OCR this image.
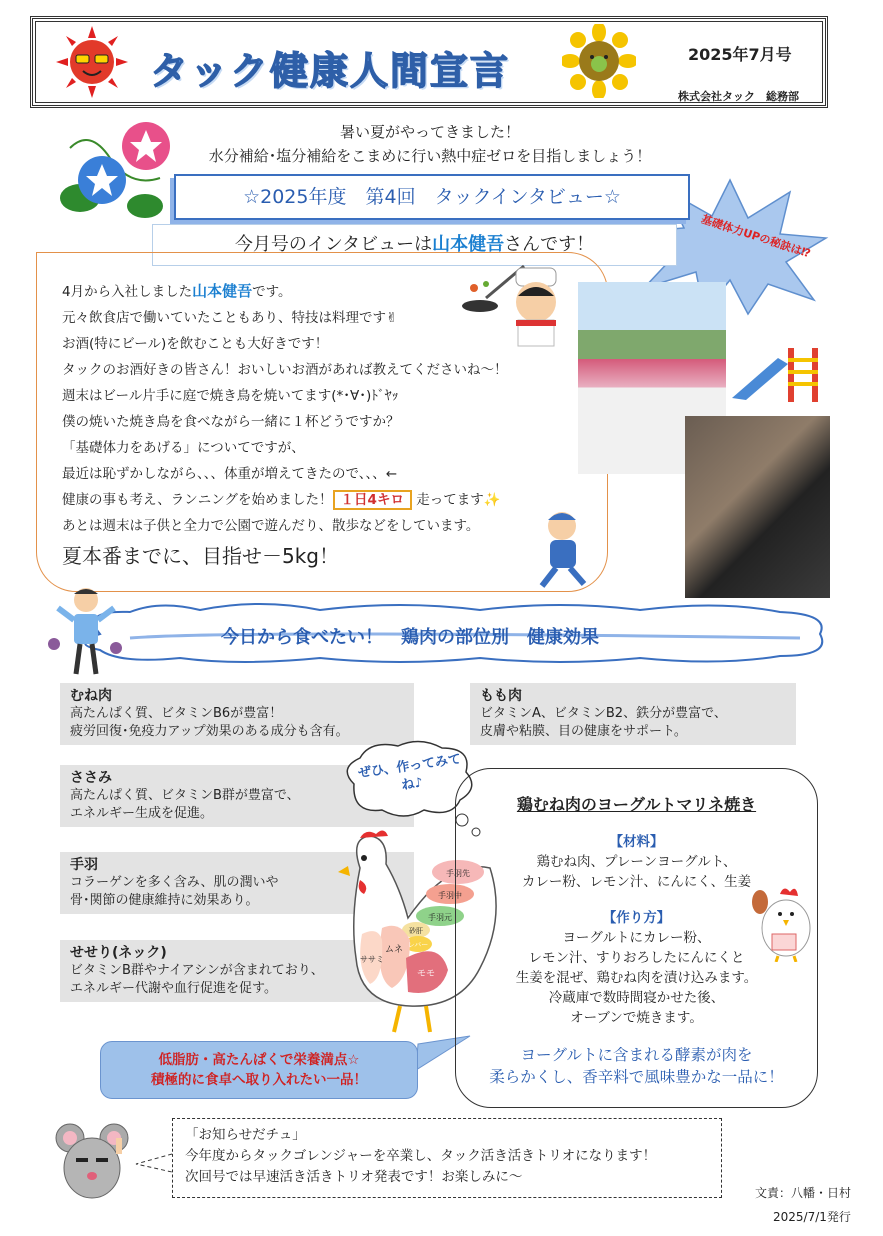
タック健康人間宣言	2025年7月号
株式会社タック　総務部
暑い夏がやってきました！
水分補給･塩分補給をこまめに行い熱中症ゼロを目指しましょう！
☆2025年度　第4回　タックインタビュー☆
基礎体力UPの秘訣は⁉
今月号のインタビューは山本健吾さんです！
4月から入社しました山本健吾です。
元々飲食店で働いていたこともあり、特技は料理です✌
お酒(特にビール)を飲むことも大好きです！
タックのお酒好きの皆さん！おいしいお酒があれば教えてくださいね～！
週末はビール片手に庭で焼き鳥を焼いてます(*･∀･)ﾄﾞﾔｯ
僕の焼いた焼き鳥を食べながら一緒に１杯どうですか？
「基礎体力をあげる」についてですが、
最近は恥ずかしながら、、、体重が増えてきたので、、、←
健康の事も考え、ランニングを始めました！ １日4キロ 走ってます✨
あとは週末は子供と全力で公園で遊んだり、散歩などをしています。
夏本番までに、目指せ－5kg！
今日から食べたい！　鶏肉の部位別　健康効果
むね肉
高たんぱく質、ビタミンB6が豊富！
疲労回復･免疫力アップ効果のある成分も含有。
ささみ
高たんぱく質、ビタミンB群が豊富で、
エネルギー生成を促進。
手羽
コラーゲンを多く含み、肌の潤いや
骨･関節の健康維持に効果あり。
せせり(ネック)
ビタミンB群やナイアシンが含まれており、
エネルギー代謝や血行促進を促す。
もも肉
ビタミンA、ビタミンB2、鉄分が豊富で、
皮膚や粘膜、目の健康をサポート。
ぜひ、作ってみてね♪
手羽先
手羽中
手羽元
砂肝
レバー
ムネ
ササミ
モモ
鶏むね肉のヨーグルトマリネ焼き
【材料】
鶏むね肉、プレーンヨーグルト、
カレー粉、レモン汁、にんにく、生姜
【作り方】
ヨーグルトにカレー粉、
レモン汁、すりおろしたにんにくと
生姜を混ぜ、鶏むね肉を漬け込みます。
冷蔵庫で数時間寝かせた後、
オーブンで焼きます。
ヨーグルトに含まれる酵素が肉を
柔らかくし、香辛料で風味豊かな一品に！
低脂肪・高たんぱくで栄養満点☆
積極的に食卓へ取り入れたい一品！
「お知らせだチュ」
今年度からタックゴレンジャーを卒業し、タック活き活きトリオになります！
次回号では早速活き活きトリオ発表です！お楽しみに～
文責：八幡・日村
2025/7/1発行
